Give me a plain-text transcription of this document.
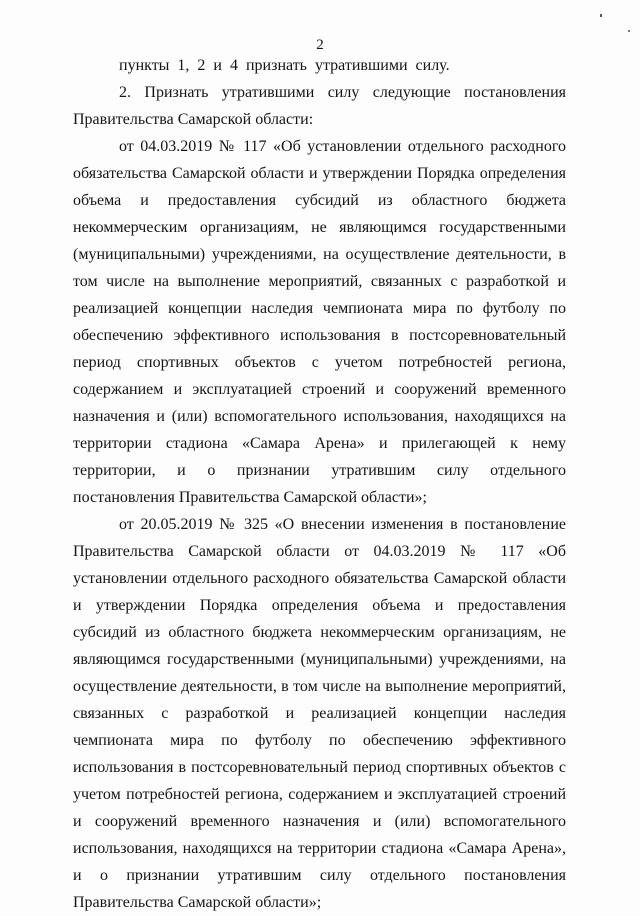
2

пункты 1, 2 и 4 признать утратившими силу.

2. Признать утратившими силу следующие постановления Правительства Самарской области:

от 04.03.2019 № 117 «Об установлении отдельного расходного обязательства Самарской области и утверждении Порядка определения объема и предоставления субсидий из областного бюджета некоммерческим организациям, не являющимся государственными (муниципальными) учреждениями, на осуществление деятельности, в том числе на выполнение мероприятий, связанных с разработкой и реализацией концепции наследия чемпионата мира по футболу по обеспечению эффективного использования в постсоревновательный период спортивных объектов с учетом потребностей региона, содержанием и эксплуатацией строений и сооружений временного назначения и (или) вспомогательного использования, находящихся на территории стадиона «Самара Арена» и прилегающей к нему территории, и о признании утратившим силу отдельного постановления Правительства Самарской области»;

от 20.05.2019 № 325 «О внесении изменения в постановление Правительства Самарской области от 04.03.2019 № 117 «Об установлении отдельного расходного обязательства Самарской области и утверждении Порядка определения объема и предоставления субсидий из областного бюджета некоммерческим организациям, не являющимся государственными (муниципальными) учреждениями, на осуществление деятельности, в том числе на выполнение мероприятий, связанных с разработкой и реализацией концепции наследия чемпионата мира по футболу по обеспечению эффективного использования в постсоревновательный период спортивных объектов с учетом потребностей региона, содержанием и эксплуатацией строений и сооружений временного назначения и (или) вспомогательного использования, находящихся на территории стадиона «Самара Арена», и о признании утратившим силу отдельного постановления Правительства Самарской области»;
